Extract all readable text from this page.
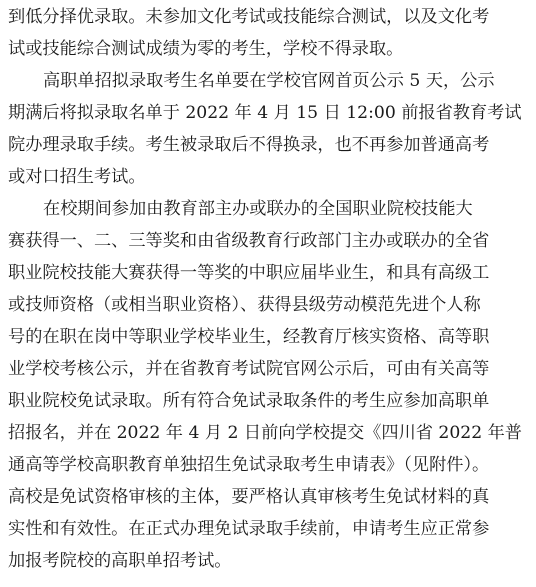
到低分择优录取。未参加文化考试或技能综合测试，以及文化考
试或技能综合测试成绩为零的考生，学校不得录取。
高职单招拟录取考生名单要在学校官网首页公示 5 天，公示
期满后将拟录取名单于 2022 年 4 月 15 日 12:00 前报省教育考试
院办理录取手续。考生被录取后不得换录，也不再参加普通高考
或对口招生考试。
在校期间参加由教育部主办或联办的全国职业院校技能大
赛获得一、二、三等奖和由省级教育行政部门主办或联办的全省
职业院校技能大赛获得一等奖的中职应届毕业生，和具有高级工
或技师资格（或相当职业资格）、获得县级劳动模范先进个人称
号的在职在岗中等职业学校毕业生，经教育厅核实资格、高等职
业学校考核公示，并在省教育考试院官网公示后，可由有关高等
职业院校免试录取。所有符合免试录取条件的考生应参加高职单
招报名，并在 2022 年 4 月 2 日前向学校提交《四川省 2022 年普
通高等学校高职教育单独招生免试录取考生申请表》（见附件）。
高校是免试资格审核的主体，要严格认真审核考生免试材料的真
实性和有效性。在正式办理免试录取手续前，申请考生应正常参
加报考院校的高职单招考试。
